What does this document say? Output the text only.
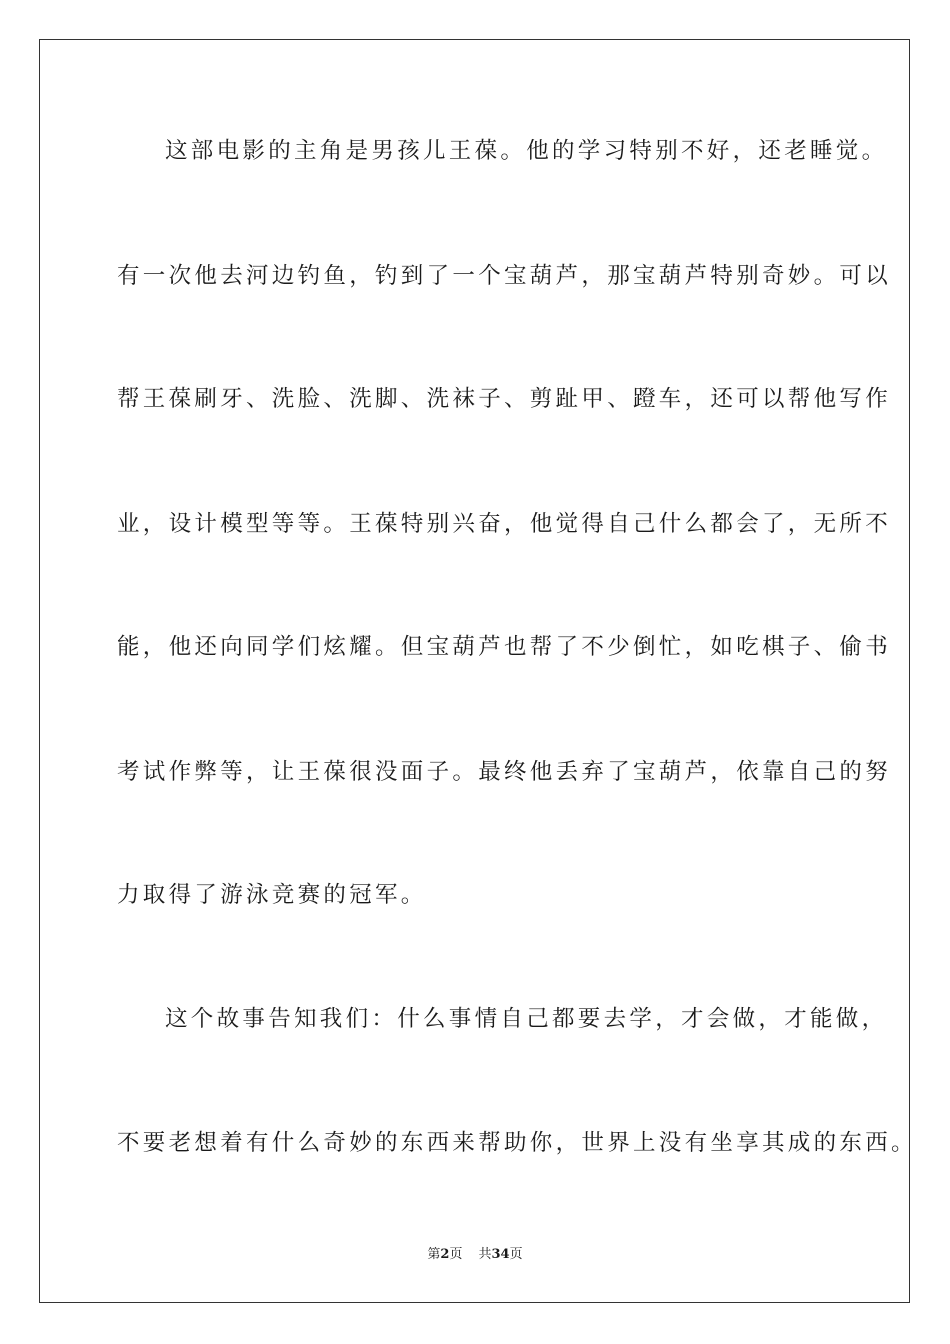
这部电影的主角是男孩儿王葆。他的学习特别不好，还老睡觉。
有一次他去河边钓鱼，钓到了一个宝葫芦，那宝葫芦特别奇妙。可以
帮王葆刷牙、洗脸、洗脚、洗袜子、剪趾甲、蹬车，还可以帮他写作
业，设计模型等等。王葆特别兴奋，他觉得自己什么都会了，无所不
能，他还向同学们炫耀。但宝葫芦也帮了不少倒忙，如吃棋子、偷书
考试作弊等，让王葆很没面子。最终他丢弃了宝葫芦，依靠自己的努
力取得了游泳竞赛的冠军。
这个故事告知我们：什么事情自己都要去学，才会做，才能做，
不要老想着有什么奇妙的东西来帮助你，世界上没有坐享其成的东西。
第2页 共34页
